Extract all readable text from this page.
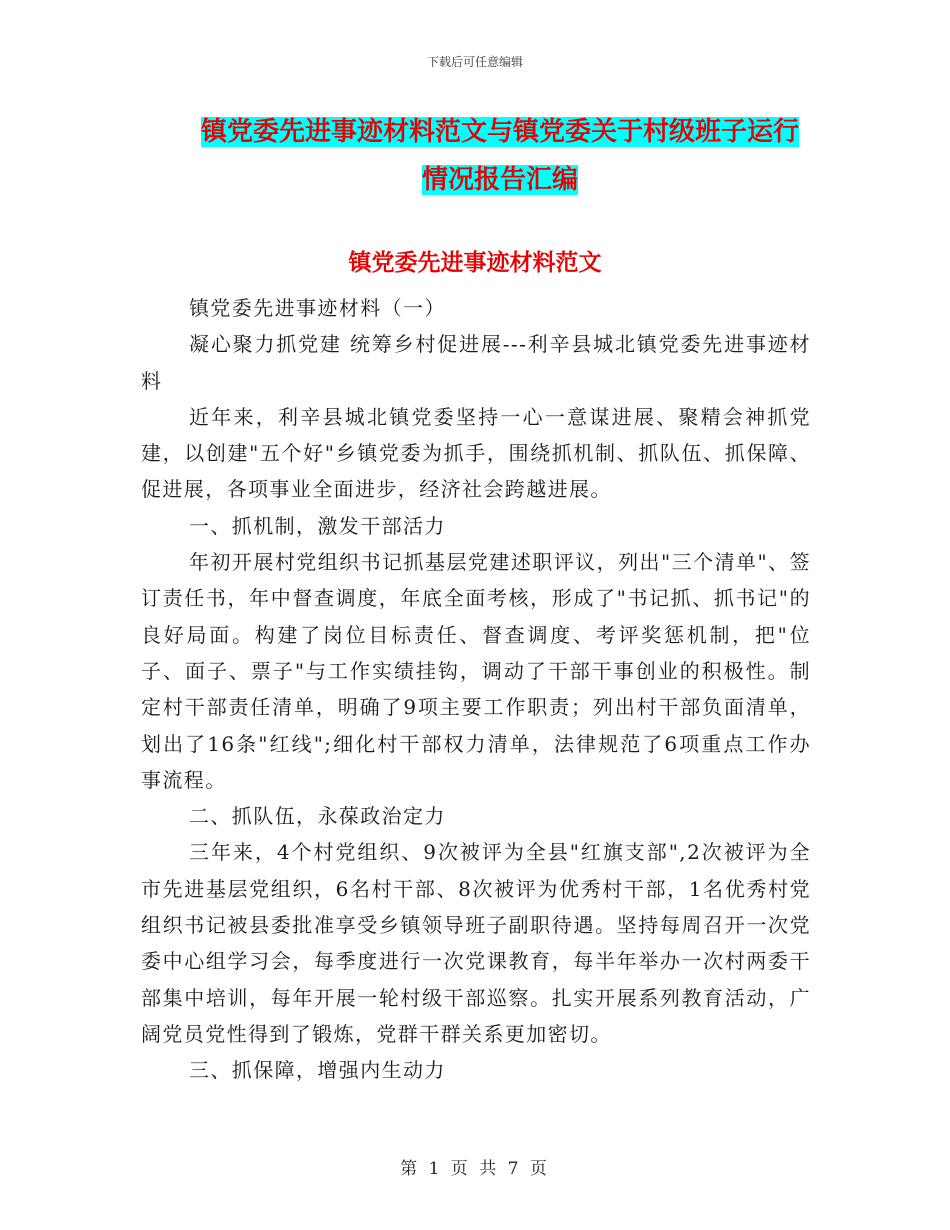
下载后可任意编辑
镇党委先进事迹材料范文与镇党委关于村级班子运行
情况报告汇编
镇党委先进事迹材料范文

镇党委先进事迹材料（一）

凝心聚力抓党建 统筹乡村促进展---利辛县城北镇党委先进事迹材料

近年来，利辛县城北镇党委坚持一心一意谋进展、聚精会神抓党建，以创建"五个好"乡镇党委为抓手，围绕抓机制、抓队伍、抓保障、促进展，各项事业全面进步，经济社会跨越进展。

一、抓机制，激发干部活力

年初开展村党组织书记抓基层党建述职评议，列出"三个清单"、签订责任书，年中督查调度，年底全面考核，形成了"书记抓、抓书记"的良好局面。构建了岗位目标责任、督查调度、考评奖惩机制，把"位子、面子、票子"与工作实绩挂钩，调动了干部干事创业的积极性。制定村干部责任清单，明确了9项主要工作职责；列出村干部负面清单，划出了16条"红线";细化村干部权力清单，法律规范了6项重点工作办事流程。

二、抓队伍，永葆政治定力

三年来，4个村党组织、9次被评为全县"红旗支部",2次被评为全市先进基层党组织，6名村干部、8次被评为优秀村干部，1名优秀村党组织书记被县委批准享受乡镇领导班子副职待遇。坚持每周召开一次党委中心组学习会，每季度进行一次党课教育，每半年举办一次村两委干部集中培训，每年开展一轮村级干部巡察。扎实开展系列教育活动，广阔党员党性得到了锻炼，党群干群关系更加密切。

三、抓保障，增强内生动力

第 1 页 共 7 页
